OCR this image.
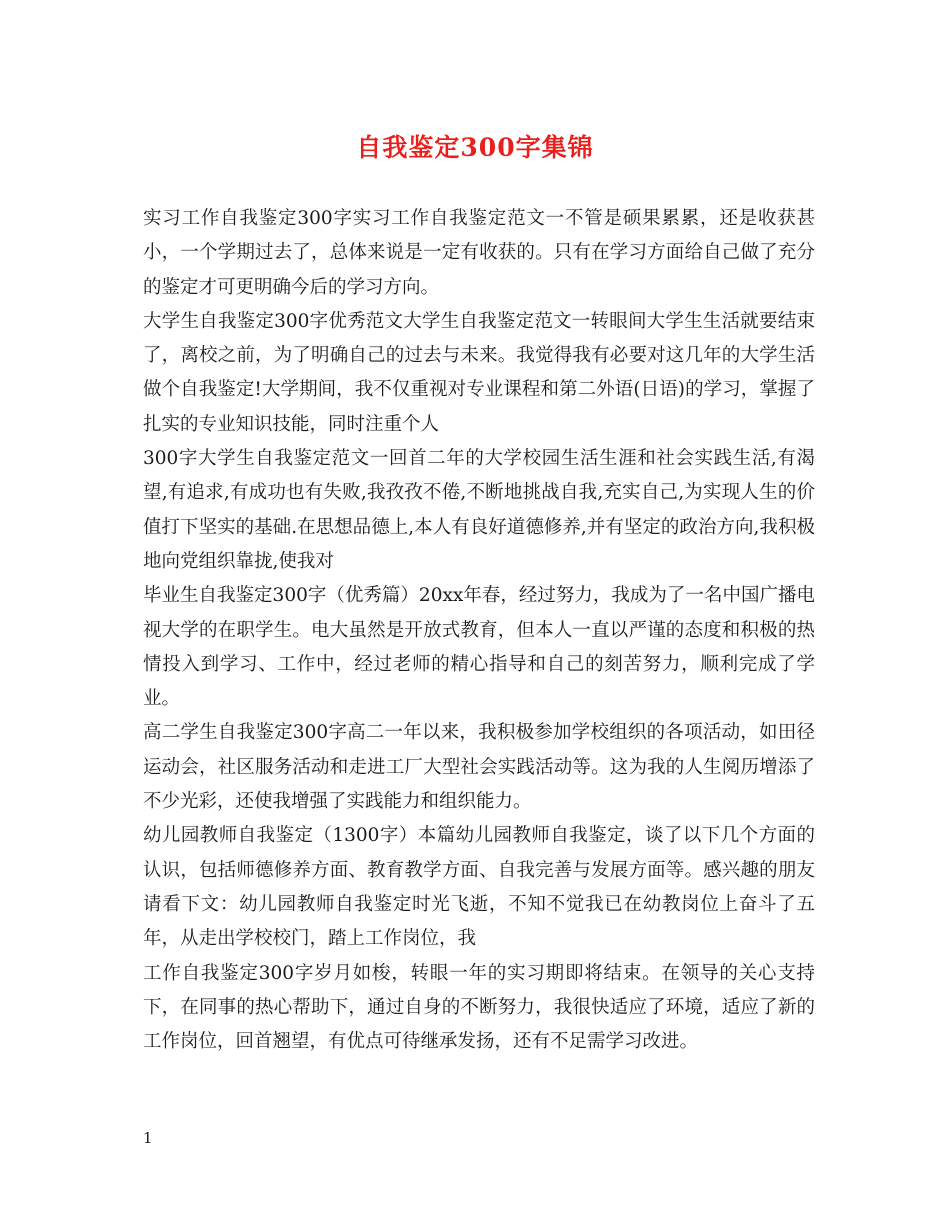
自我鉴定300字集锦

实习工作自我鉴定300字实习工作自我鉴定范文一不管是硕果累累，还是收获甚小，一个学期过去了，总体来说是一定有收获的。只有在学习方面给自己做了充分的鉴定才可更明确今后的学习方向。

大学生自我鉴定300字优秀范文大学生自我鉴定范文一转眼间大学生生活就要结束了，离校之前，为了明确自己的过去与未来。我觉得我有必要对这几年的大学生活做个自我鉴定!大学期间，我不仅重视对专业课程和第二外语(日语)的学习，掌握了扎实的专业知识技能，同时注重个人

300字大学生自我鉴定范文一回首二年的大学校园生活生涯和社会实践生活,有渴望,有追求,有成功也有失败,我孜孜不倦,不断地挑战自我,充实自己,为实现人生的价值打下坚实的基础.在思想品德上,本人有良好道德修养,并有坚定的政治方向,我积极地向党组织靠拢,使我对

毕业生自我鉴定300字（优秀篇）20xx年春，经过努力，我成为了一名中国广播电视大学的在职学生。电大虽然是开放式教育，但本人一直以严谨的态度和积极的热情投入到学习、工作中，经过老师的精心指导和自己的刻苦努力，顺利完成了学业。

高二学生自我鉴定300字高二一年以来，我积极参加学校组织的各项活动，如田径运动会，社区服务活动和走进工厂大型社会实践活动等。这为我的人生阅历增添了不少光彩，还使我增强了实践能力和组织能力。

幼儿园教师自我鉴定（1300字）本篇幼儿园教师自我鉴定，谈了以下几个方面的认识，包括师德修养方面、教育教学方面、自我完善与发展方面等。感兴趣的朋友请看下文：幼儿园教师自我鉴定时光飞逝，不知不觉我已在幼教岗位上奋斗了五年，从走出学校校门，踏上工作岗位，我

工作自我鉴定300字岁月如梭，转眼一年的实习期即将结束。在领导的关心支持下，在同事的热心帮助下，通过自身的不断努力，我很快适应了环境，适应了新的工作岗位，回首翘望，有优点可待继承发扬，还有不足需学习改进。

1
